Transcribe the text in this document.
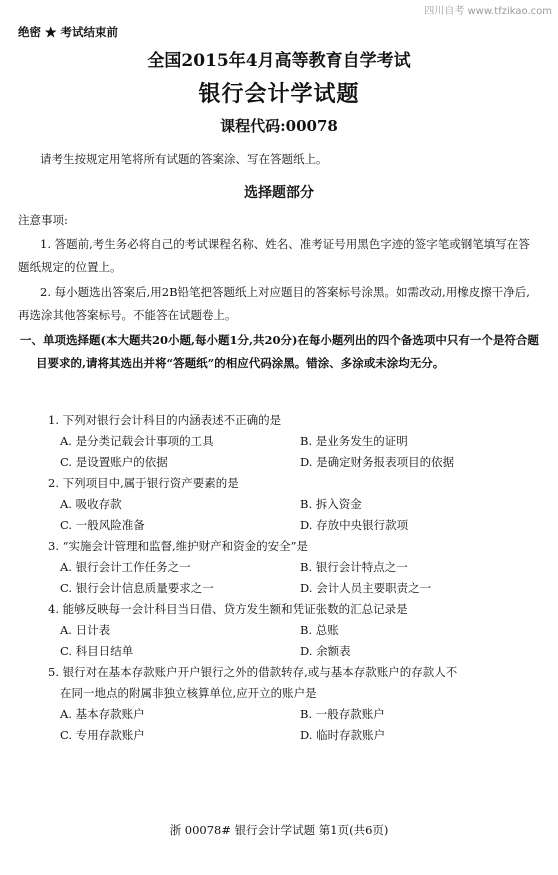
四川自考 www.tfzikao.com
绝密 ★ 考试结束前
全国2015年4月高等教育自学考试
银行会计学试题
课程代码:00078
请考生按规定用笔将所有试题的答案涂、写在答题纸上。
选择题部分
注意事项:
1. 答题前,考生务必将自己的考试课程名称、姓名、准考证号用黑色字迹的签字笔或钢笔填写在答题纸规定的位置上。
2. 每小题选出答案后,用2B铅笔把答题纸上对应题目的答案标号涂黑。如需改动,用橡皮擦干净后,再选涂其他答案标号。不能答在试题卷上。
一、单项选择题(本大题共20小题,每小题1分,共20分)在每小题列出的四个备选项中只有一个是符合题目要求的,请将其选出并将“答题纸”的相应代码涂黑。错涂、多涂或未涂均无分。
1. 下列对银行会计科目的内涵表述不正确的是
A. 是分类记载会计事项的工具	B. 是业务发生的证明
C. 是设置账户的依据	D. 是确定财务报表项目的依据
2. 下列项目中,属于银行资产要素的是
A. 吸收存款	B. 拆入资金
C. 一般风险准备	D. 存放中央银行款项
3. “实施会计管理和监督,维护财产和资金的安全”是
A. 银行会计工作任务之一	B. 银行会计特点之一
C. 银行会计信息质量要求之一	D. 会计人员主要职责之一
4. 能够反映每一会计科目当日借、贷方发生额和凭证张数的汇总记录是
A. 日计表	B. 总账
C. 科目日结单	D. 余额表
5. 银行对在基本存款账户开户银行之外的借款转存,或与基本存款账户的存款人不
在同一地点的附属非独立核算单位,应开立的账户是
A. 基本存款账户	B. 一般存款账户
C. 专用存款账户	D. 临时存款账户
浙 00078# 银行会计学试题 第1页(共6页)
